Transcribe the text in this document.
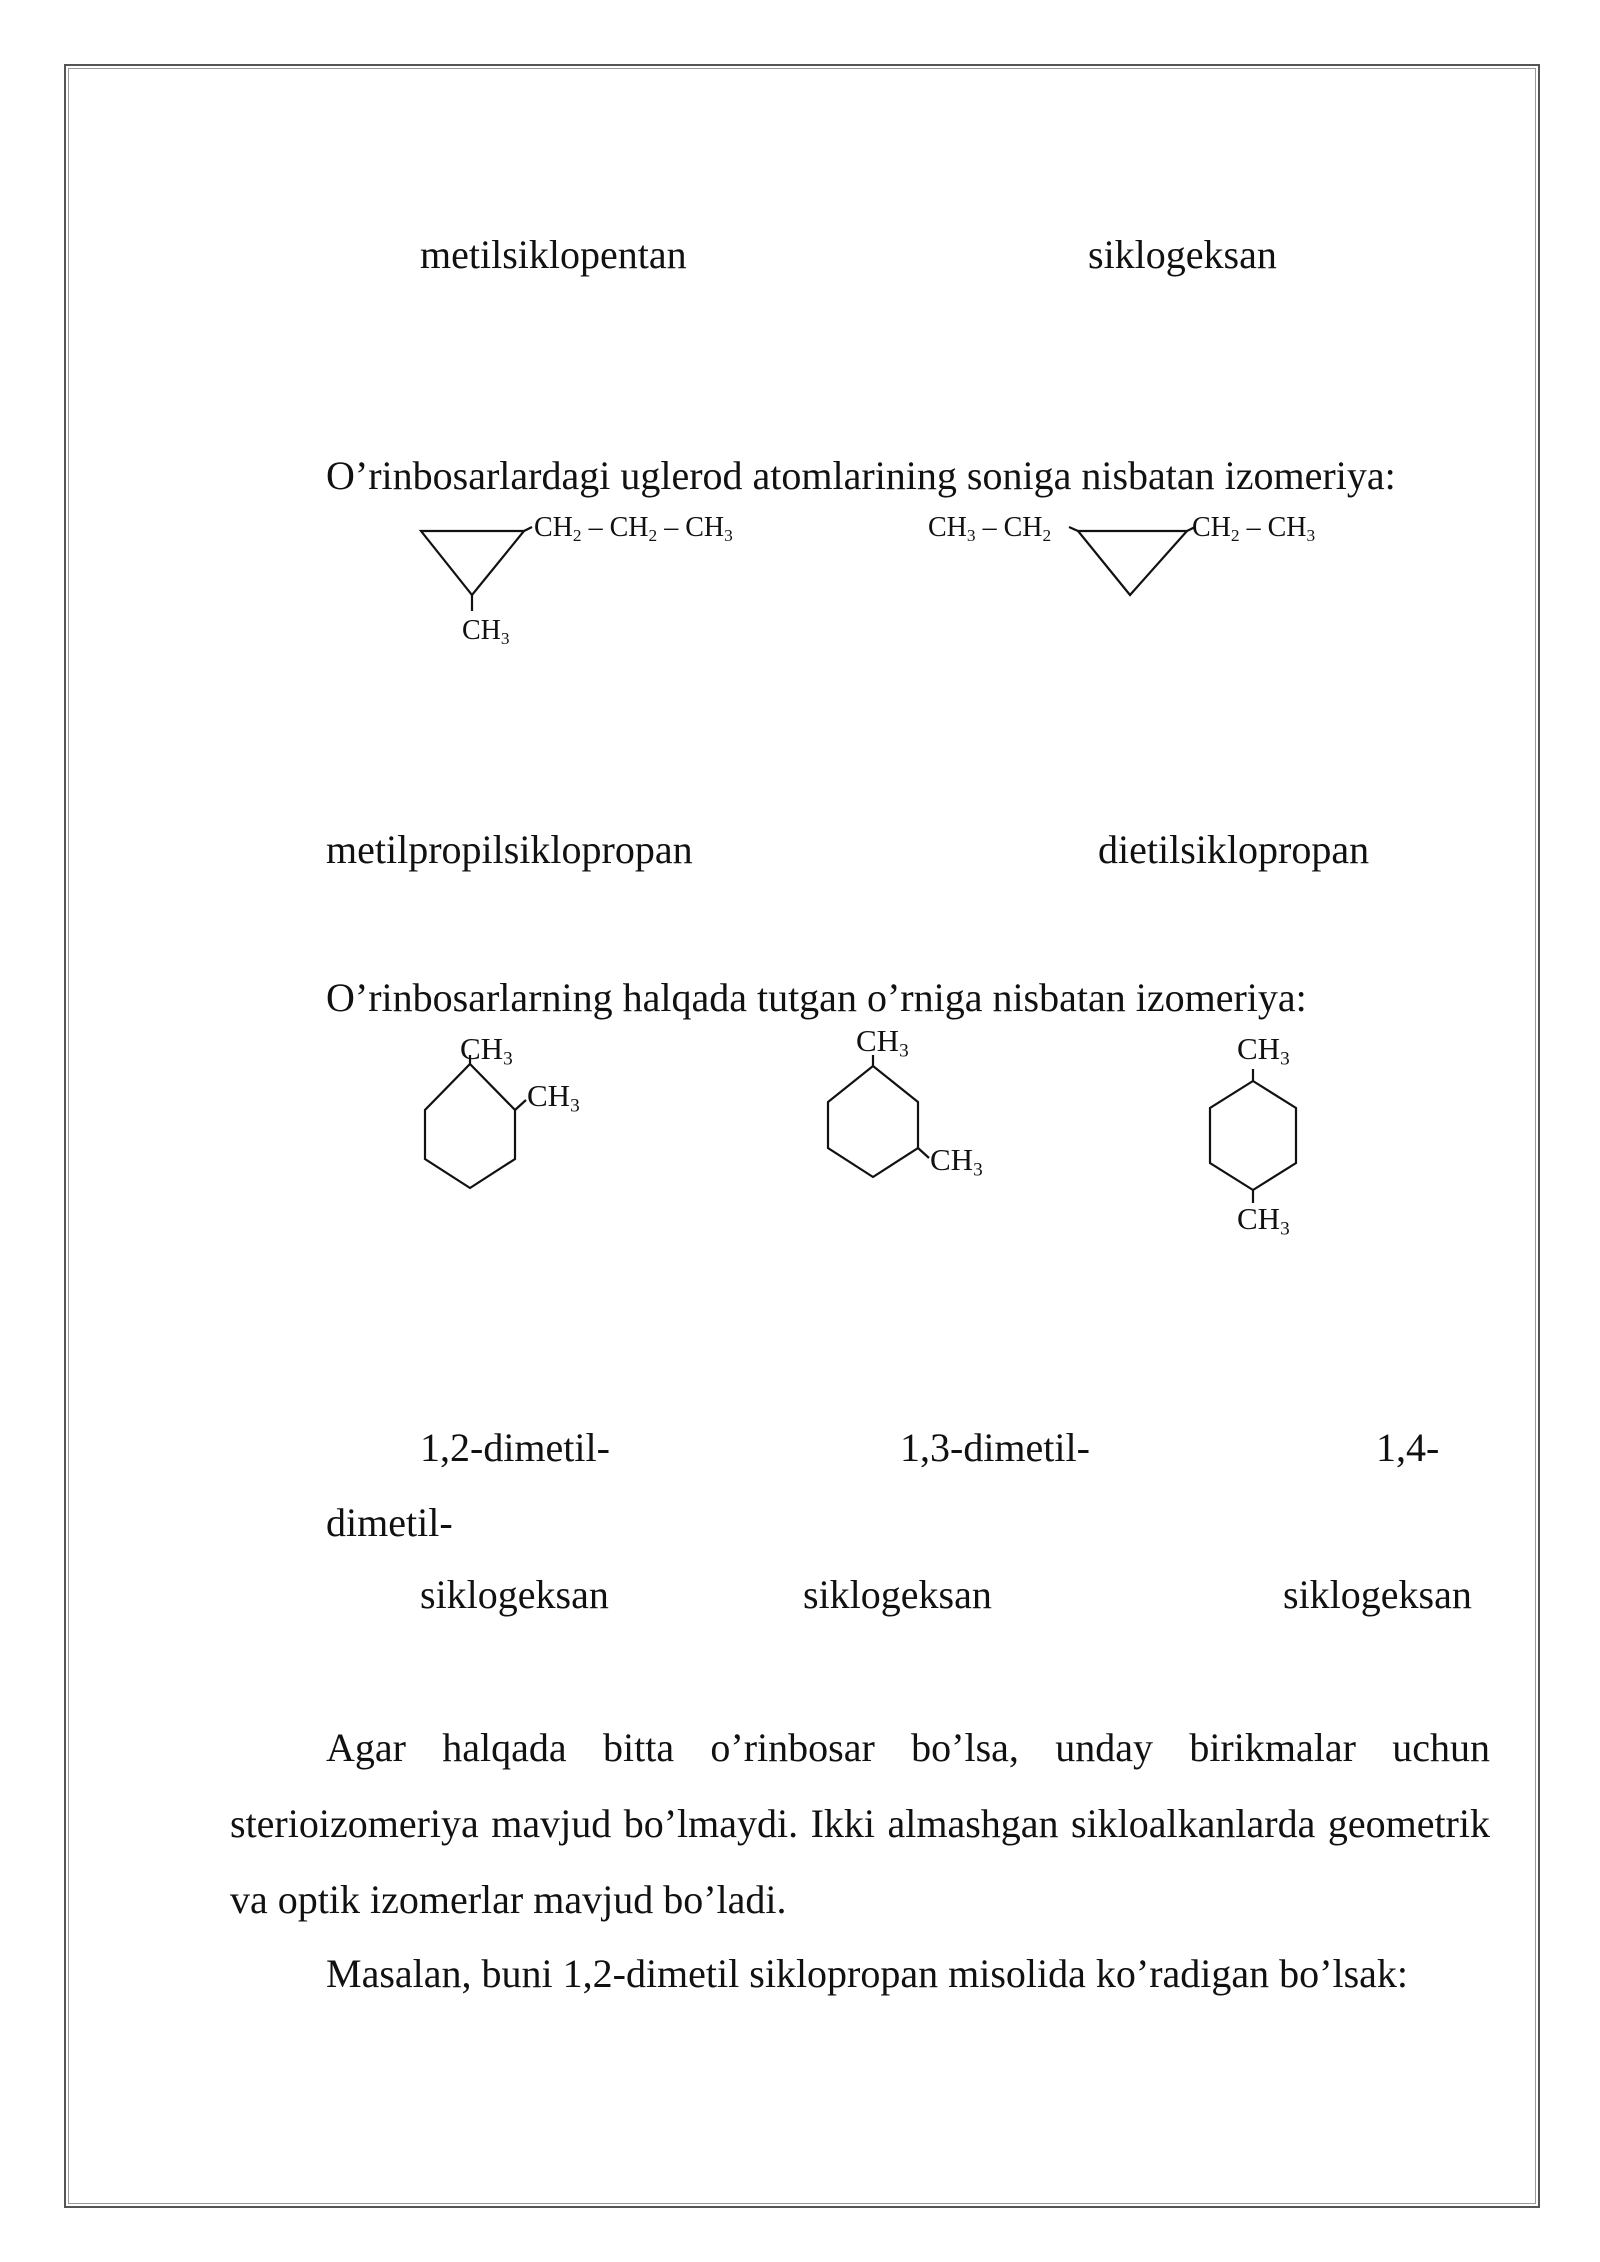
metilsiklopentan	siklogeksan
O’rinbosarlardagi uglerod atomlarining soniga nisbatan izomeriya:
$CH_2 - CH_2 - CH_3$
$CH_3$
$CH_3 - CH_2$	$CH_2 - CH_3$
metilpropilsiklopropan	dietilsiklopropan
O’rinbosarlarning halqada tutgan o’rniga nisbatan izomeriya:
$CH_3$
$CH_3$
$CH_3$
$CH_3$
$CH_3$
$CH_3$
1,2-dimetil-	1,3-dimetil-	1,4-
dimetil-
siklogeksan	siklogeksan	siklogeksan
Agar halqada bitta o’rinbosar bo’lsa, unday birikmalar uchun sterioizomeriya mavjud bo’lmaydi. Ikki almashgan sikloalkanlarda geometrik va optik izomerlar mavjud bo’ladi.
Masalan, buni 1,2-dimetil siklopropan misolida ko’radigan bo’lsak:
